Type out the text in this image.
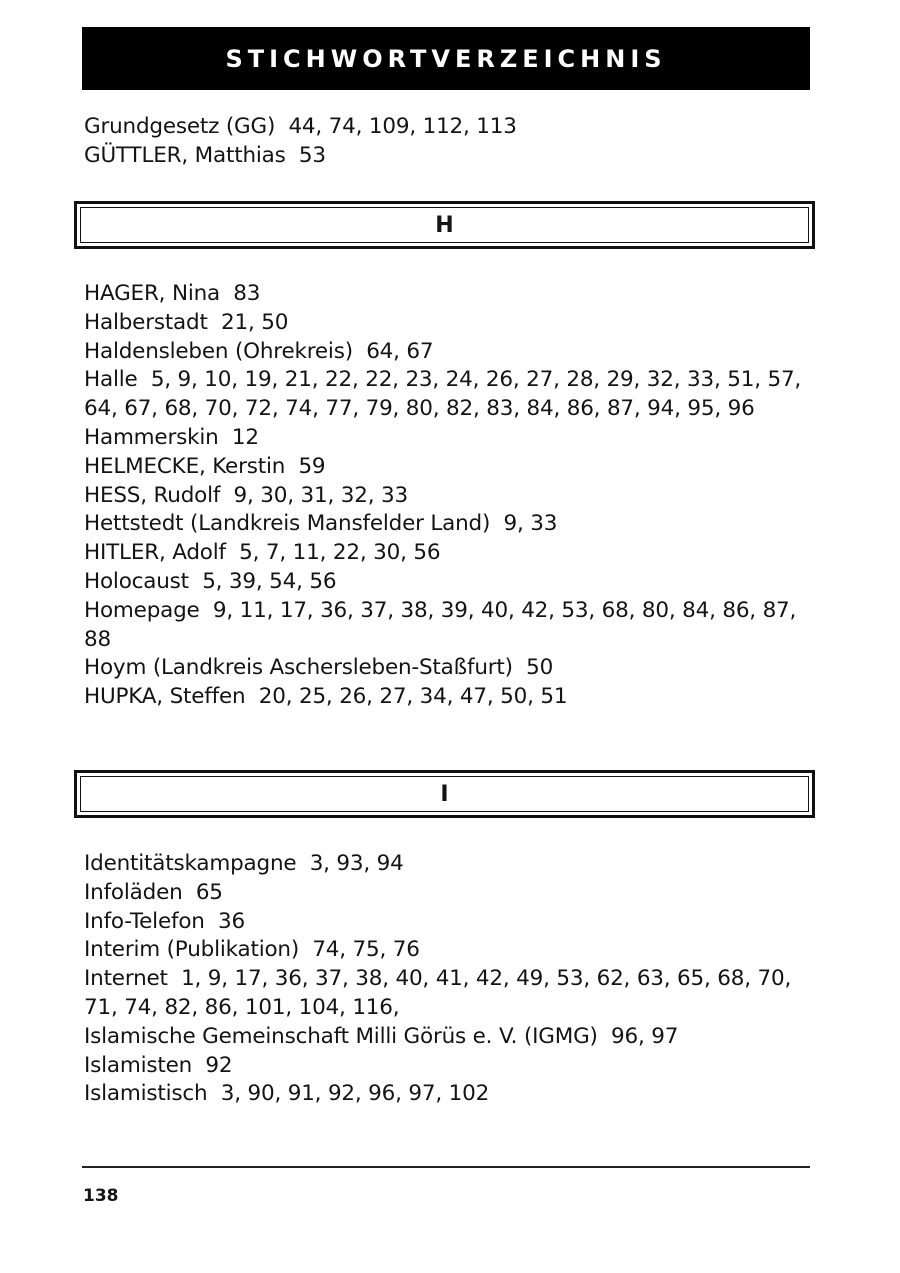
STICHWORTVERZEICHNIS
Grundgesetz (GG) 44, 74, 109, 112, 113
GÜTTLER, Matthias 53
H
HAGER, Nina 83
Halberstadt 21, 50
Haldensleben (Ohrekreis) 64, 67
Halle 5, 9, 10, 19, 21, 22, 22, 23, 24, 26, 27, 28, 29, 32, 33, 51, 57, 64, 67, 68, 70, 72, 74, 77, 79, 80, 82, 83, 84, 86, 87, 94, 95, 96
Hammerskin 12
HELMECKE, Kerstin 59
HESS, Rudolf 9, 30, 31, 32, 33
Hettstedt (Landkreis Mansfelder Land) 9, 33
HITLER, Adolf 5, 7, 11, 22, 30, 56
Holocaust 5, 39, 54, 56
Homepage 9, 11, 17, 36, 37, 38, 39, 40, 42, 53, 68, 80, 84, 86, 87, 88
Hoym (Landkreis Aschersleben-Staßfurt) 50
HUPKA, Steffen 20, 25, 26, 27, 34, 47, 50, 51
I
Identitätskampagne 3, 93, 94
Infoläden 65
Info-Telefon 36
Interim (Publikation) 74, 75, 76
Internet 1, 9, 17, 36, 37, 38, 40, 41, 42, 49, 53, 62, 63, 65, 68, 70, 71, 74, 82, 86, 101, 104, 116,
Islamische Gemeinschaft Milli Görüs e. V. (IGMG) 96, 97
Islamisten 92
Islamistisch 3, 90, 91, 92, 96, 97, 102
138
